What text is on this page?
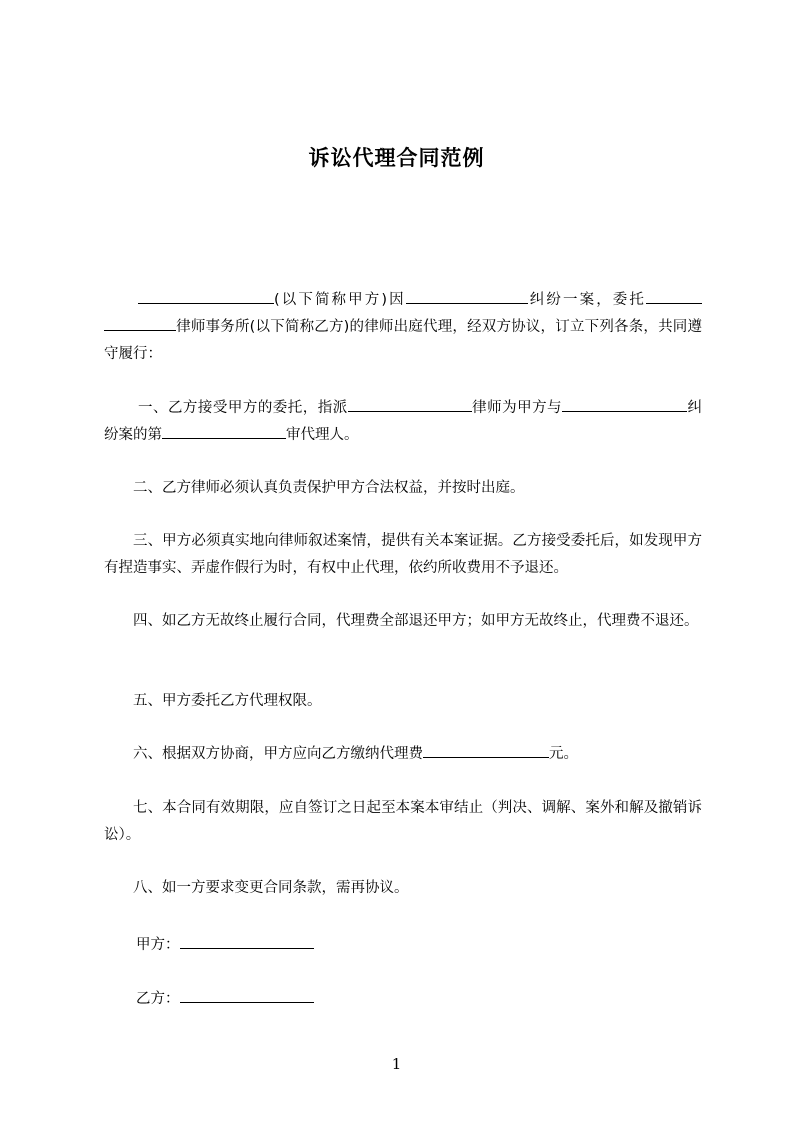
诉讼代理合同范例

(以下简称甲方)因	纠纷一案，委托律师事务所(以下简称乙方)的律师出庭代理，经双方协议，订立下列各条，共同遵守履行：

一、乙方接受甲方的委托，指派	律师为甲方与	纠纷案的第	审代理人。

二、乙方律师必须认真负责保护甲方合法权益，并按时出庭。

三、甲方必须真实地向律师叙述案情，提供有关本案证据。乙方接受委托后，如发现甲方有捏造事实、弄虚作假行为时，有权中止代理，依约所收费用不予退还。

四、如乙方无故终止履行合同，代理费全部退还甲方；如甲方无故终止，代理费不退还。

五、甲方委托乙方代理权限。

六、根据双方协商，甲方应向乙方缴纳代理费	元。

七、本合同有效期限，应自签订之日起至本案本审结止（判决、调解、案外和解及撤销诉讼）。

八、如一方要求变更合同条款，需再协议。

甲方：
乙方：
1
